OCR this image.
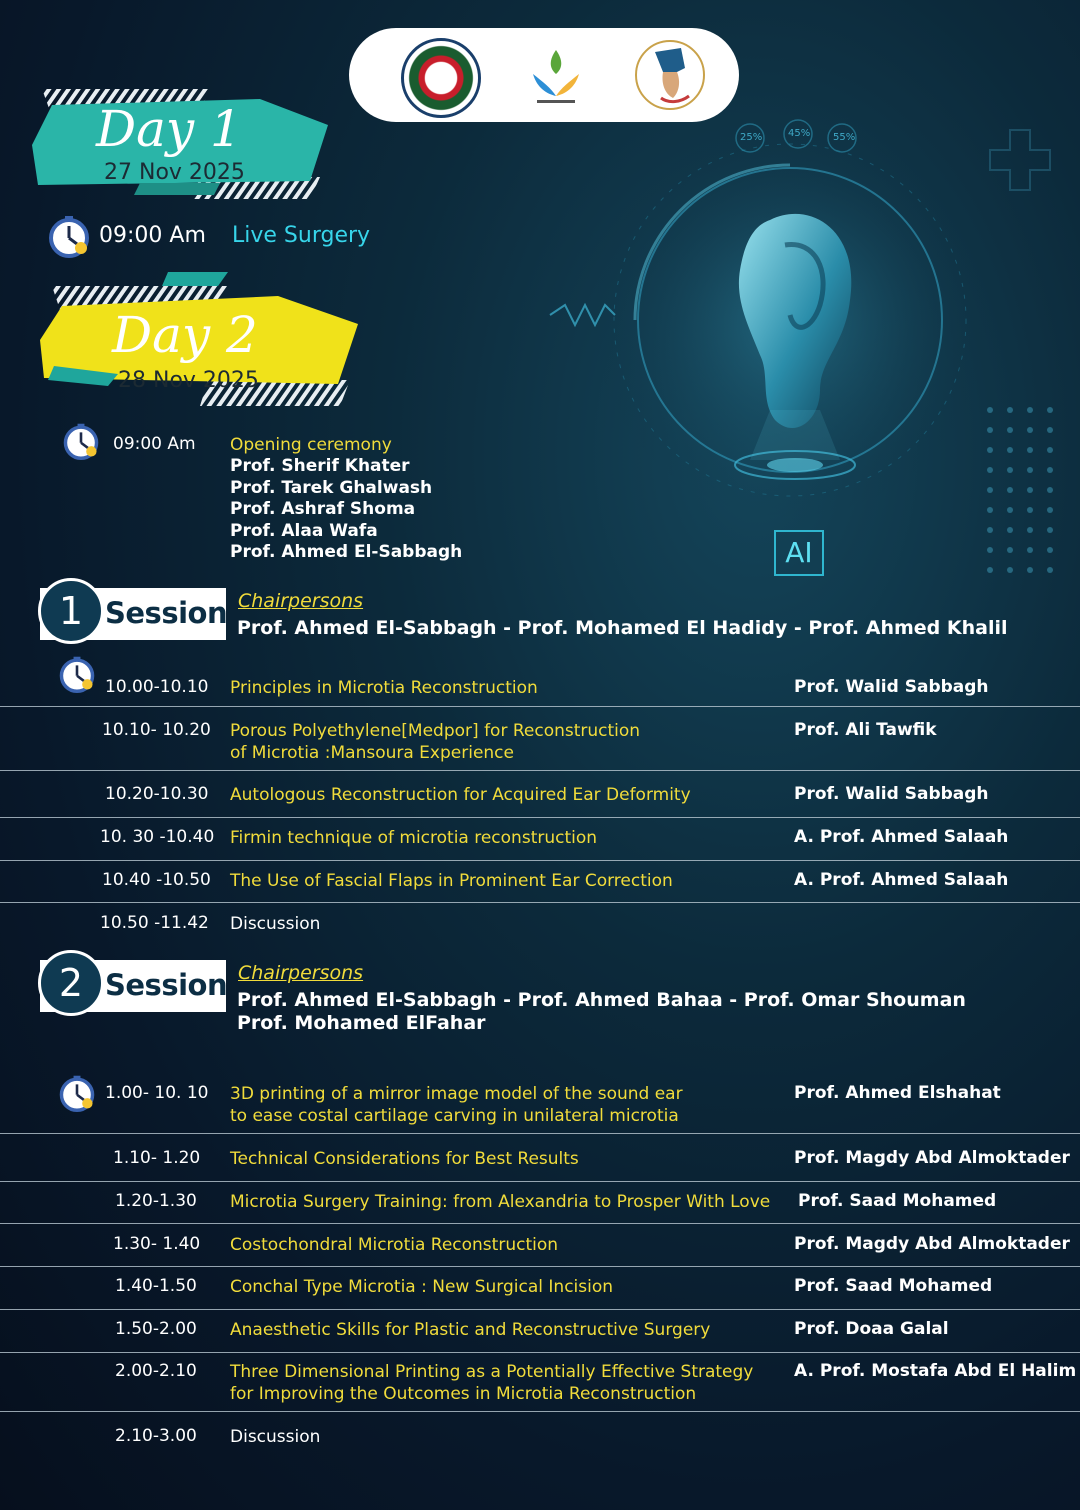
25%	45% 55%
AI
Day 1
27 Nov 2025
09:00 Am Live Surgery
Day 2
28 Nov 2025
09:00 Am Opening ceremony
Prof. Sherif Khater
Prof. Tarek Ghalwash
Prof. Ashraf Shoma
Prof. Alaa Wafa
Prof. Ahmed El-Sabbagh
1 Session Chairpersons
Prof. Ahmed El-Sabbagh - Prof. Mohamed El Hadidy - Prof. Ahmed Khalil
10.00-10.10 Principles in Microtia Reconstruction	Prof. Walid Sabbagh
10.10- 10.20 Porous Polyethylene[Medpor] for Reconstruction
of Microtia :Mansoura Experience
Prof. Ali Tawfik
10.20-10.30 Autologous Reconstruction for Acquired Ear Deformity	Prof. Walid Sabbagh
10. 30 -10.40 Firmin technique of microtia reconstruction	A. Prof. Ahmed Salaah
10.40 -10.50 The Use of Fascial Flaps in Prominent Ear Correction	A. Prof. Ahmed Salaah
10.50 -11.42 Discussion
2 Session Chairpersons
Prof. Ahmed El-Sabbagh - Prof. Ahmed Bahaa - Prof. Omar Shouman
Prof. Mohamed ElFahar
1.00- 10. 10 3D printing of a mirror image model of the sound ear
to ease costal cartilage carving in unilateral microtia
Prof. Ahmed Elshahat
1.10- 1.20 Technical Considerations for Best Results	Prof. Magdy Abd Almoktader
1.20-1.30 Microtia Surgery Training: from Alexandria to Prosper With Love Prof. Saad Mohamed
1.30- 1.40 Costochondral Microtia Reconstruction	Prof. Magdy Abd Almoktader
1.40-1.50 Conchal Type Microtia : New Surgical Incision	Prof. Saad Mohamed
1.50-2.00 Anaesthetic Skills for Plastic and Reconstructive Surgery	Prof. Doaa Galal
2.00-2.10 Three Dimensional Printing as a Potentially Effective Strategy
for Improving the Outcomes in Microtia Reconstruction
A. Prof. Mostafa Abd El Halim
2.10-3.00 Discussion
